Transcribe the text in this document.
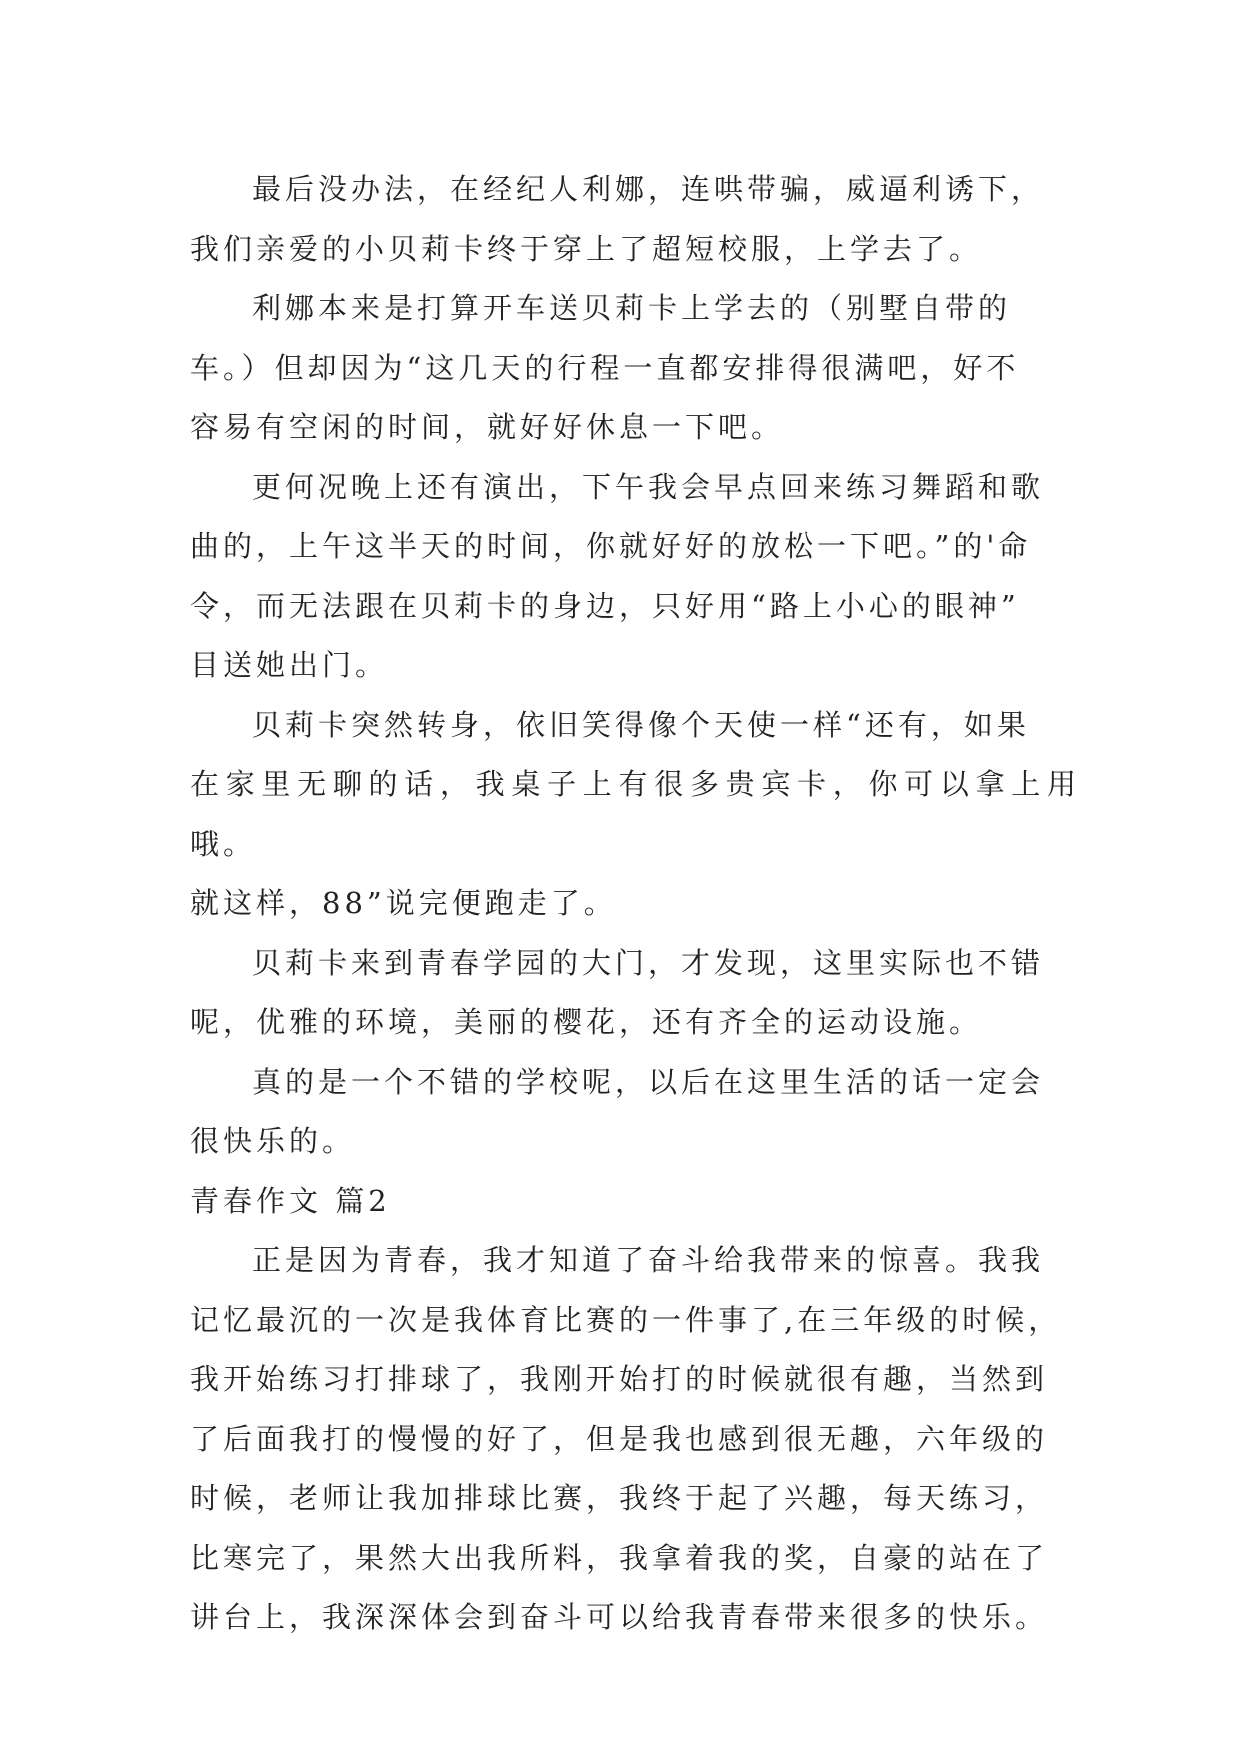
最后没办法，在经纪人利娜，连哄带骗，威逼利诱下，
我们亲爱的小贝莉卡终于穿上了超短校服，上学去了。

利娜本来是打算开车送贝莉卡上学去的（别墅自带的
车。）但却因为“这几天的行程一直都安排得很满吧，好不
容易有空闲的时间，就好好休息一下吧。

更何况晚上还有演出，下午我会早点回来练习舞蹈和歌
曲的，上午这半天的时间，你就好好的放松一下吧。”的'命
令，而无法跟在贝莉卡的身边，只好用“路上小心的眼神”
目送她出门。

贝莉卡突然转身，依旧笑得像个天使一样“还有，如果
在家里无聊的话，我桌子上有很多贵宾卡，你可以拿上用哦。
就这样，88”说完便跑走了。

贝莉卡来到青春学园的大门，才发现，这里实际也不错
呢，优雅的环境，美丽的樱花，还有齐全的运动设施。

真的是一个不错的学校呢，以后在这里生活的话一定会
很快乐的。

青春作文 篇2

正是因为青春，我才知道了奋斗给我带来的惊喜。我我
记忆最沉的一次是我体育比赛的一件事了,在三年级的时候，
我开始练习打排球了，我刚开始打的时候就很有趣，当然到
了后面我打的慢慢的好了，但是我也感到很无趣，六年级的
时候，老师让我加排球比赛，我终于起了兴趣，每天练习，
比寒完了，果然大出我所料，我拿着我的奖，自豪的站在了
讲台上，我深深体会到奋斗可以给我青春带来很多的快乐。
